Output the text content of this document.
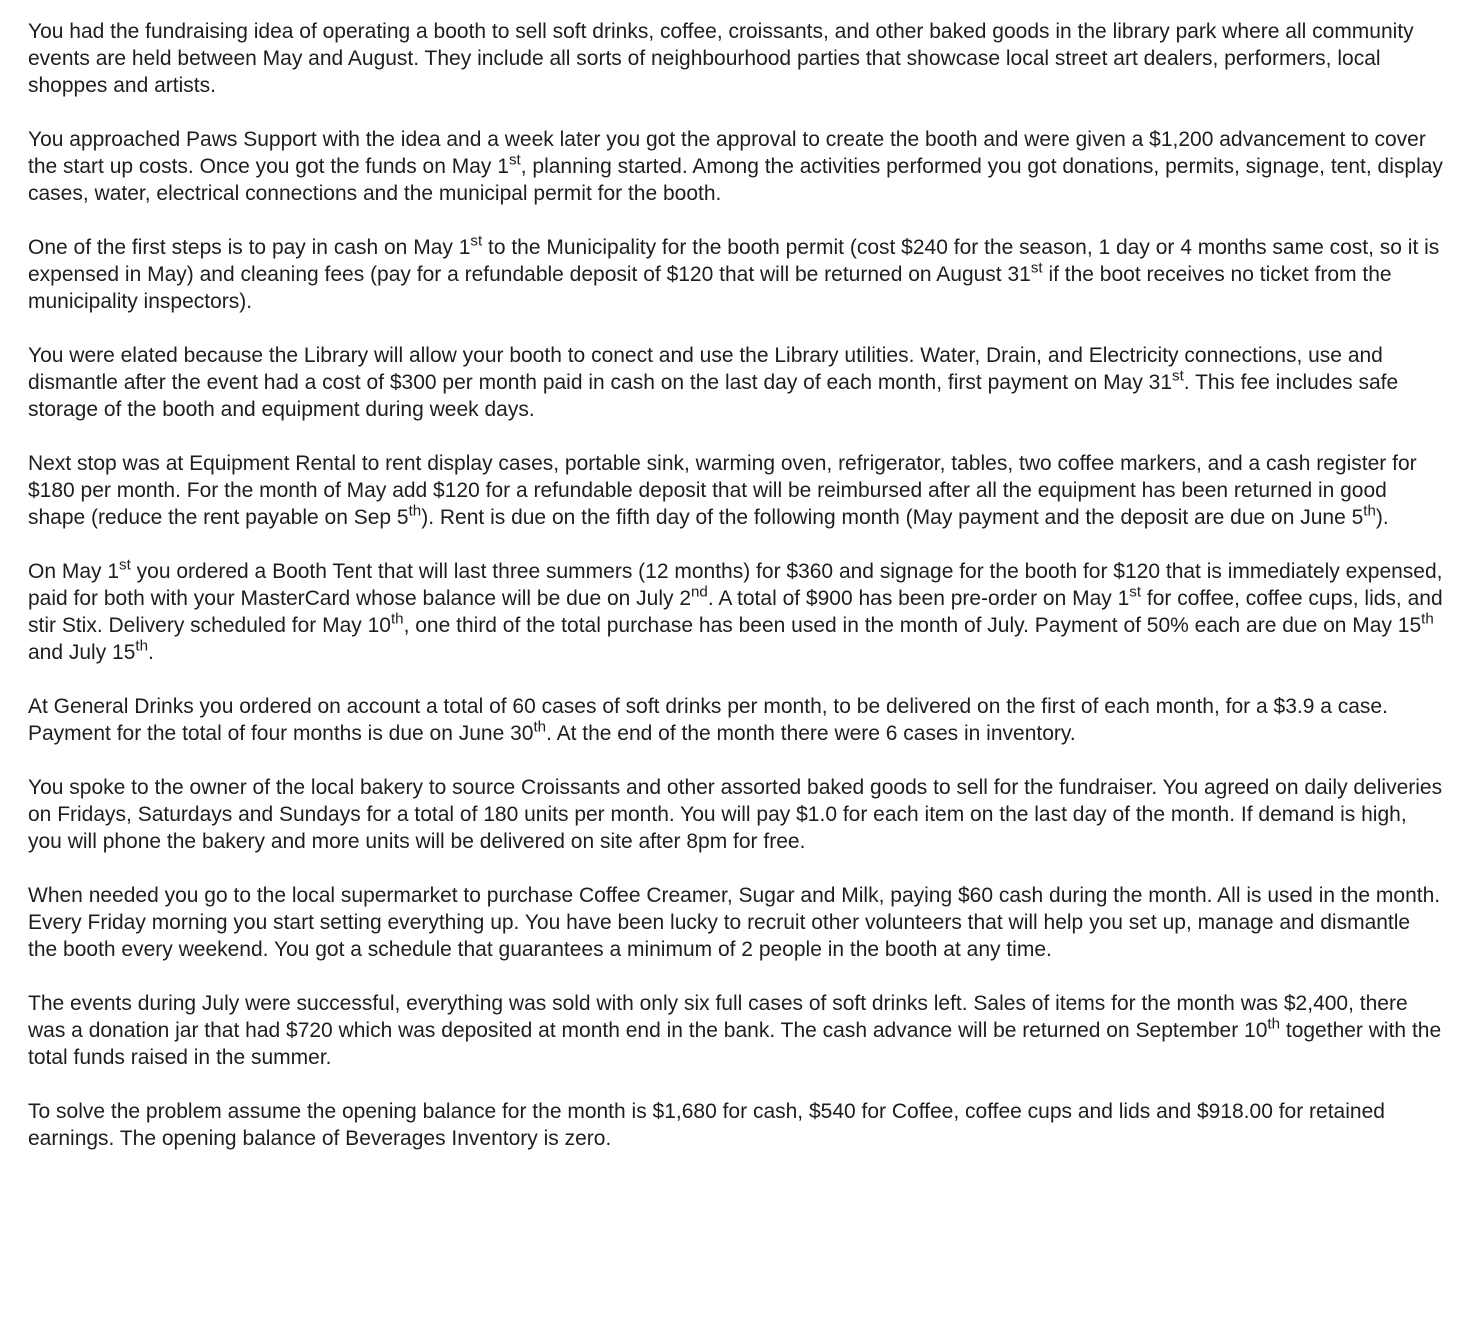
You had the fundraising idea of operating a booth to sell soft drinks, coffee, croissants, and other baked goods in the library park where all community events are held between May and August. They include all sorts of neighbourhood parties that showcase local street art dealers, performers, local shoppes and artists.

You approached Paws Support with the idea and a week later you got the approval to create the booth and were given a $1,200 advancement to cover the start up costs. Once you got the funds on May 1st, planning started. Among the activities performed you got donations, permits, signage, tent, display cases, water, electrical connections and the municipal permit for the booth.

One of the first steps is to pay in cash on May 1st to the Municipality for the booth permit (cost $240 for the season, 1 day or 4 months same cost, so it is expensed in May) and cleaning fees (pay for a refundable deposit of $120 that will be returned on August 31st if the boot receives no ticket from the municipality inspectors).

You were elated because the Library will allow your booth to conect and use the Library utilities. Water, Drain, and Electricity connections, use and dismantle after the event had a cost of $300 per month paid in cash on the last day of each month, first payment on May 31st. This fee includes safe storage of the booth and equipment during week days.

Next stop was at Equipment Rental to rent display cases, portable sink, warming oven, refrigerator, tables, two coffee markers, and a cash register for $180 per month. For the month of May add $120 for a refundable deposit that will be reimbursed after all the equipment has been returned in good shape (reduce the rent payable on Sep 5th). Rent is due on the fifth day of the following month (May payment and the deposit are due on June 5th).

On May 1st you ordered a Booth Tent that will last three summers (12 months) for $360 and signage for the booth for $120 that is immediately expensed, paid for both with your MasterCard whose balance will be due on July 2nd. A total of $900 has been pre-order on May 1st for coffee, coffee cups, lids, and stir Stix. Delivery scheduled for May 10th, one third of the total purchase has been used in the month of July. Payment of 50% each are due on May 15th and July 15th.

At General Drinks you ordered on account a total of 60 cases of soft drinks per month, to be delivered on the first of each month, for a $3.9 a case. Payment for the total of four months is due on June 30th. At the end of the month there were 6 cases in inventory.

You spoke to the owner of the local bakery to source Croissants and other assorted baked goods to sell for the fundraiser. You agreed on daily deliveries on Fridays, Saturdays and Sundays for a total of 180 units per month. You will pay $1.0 for each item on the last day of the month. If demand is high, you will phone the bakery and more units will be delivered on site after 8pm for free.

When needed you go to the local supermarket to purchase Coffee Creamer, Sugar and Milk, paying $60 cash during the month. All is used in the month.

Every Friday morning you start setting everything up. You have been lucky to recruit other volunteers that will help you set up, manage and dismantle the booth every weekend. You got a schedule that guarantees a minimum of 2 people in the booth at any time.

The events during July were successful, everything was sold with only six full cases of soft drinks left. Sales of items for the month was $2,400, there was a donation jar that had $720 which was deposited at month end in the bank. The cash advance will be returned on September 10th together with the total funds raised in the summer.

To solve the problem assume the opening balance for the month is $1,680 for cash, $540 for Coffee, coffee cups and lids and $918.00 for retained earnings. The opening balance of Beverages Inventory is zero.
